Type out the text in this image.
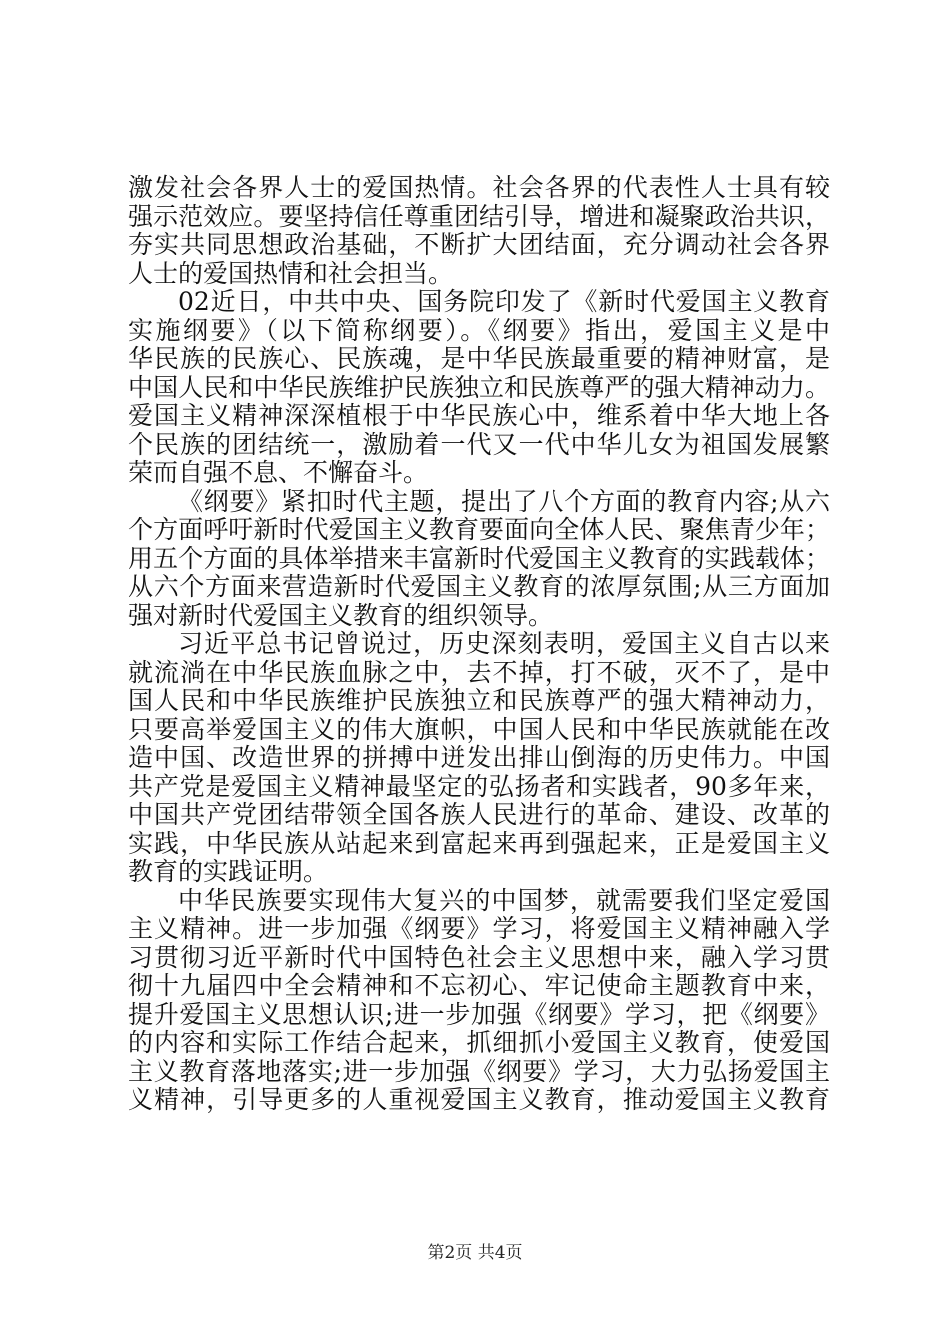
激发社会各界人士的爱国热情。社会各界的代表性人士具有较
强示范效应。要坚持信任尊重团结引导，增进和凝聚政治共识，
夯实共同思想政治基础，不断扩大团结面，充分调动社会各界
人士的爱国热情和社会担当。
02近日，中共中央、国务院印发了《新时代爱国主义教育
实施纲要》（以下简称纲要）。《纲要》指出，爱国主义是中
华民族的民族心、民族魂，是中华民族最重要的精神财富，是
中国人民和中华民族维护民族独立和民族尊严的强大精神动力。
爱国主义精神深深植根于中华民族心中，维系着中华大地上各
个民族的团结统一，激励着一代又一代中华儿女为祖国发展繁
荣而自强不息、不懈奋斗。
《纲要》紧扣时代主题，提出了八个方面的教育内容;从六
个方面呼吁新时代爱国主义教育要面向全体人民、聚焦青少年；
用五个方面的具体举措来丰富新时代爱国主义教育的实践载体；
从六个方面来营造新时代爱国主义教育的浓厚氛围;从三方面加
强对新时代爱国主义教育的组织领导。
习近平总书记曾说过，历史深刻表明，爱国主义自古以来
就流淌在中华民族血脉之中，去不掉，打不破，灭不了，是中
国人民和中华民族维护民族独立和民族尊严的强大精神动力，
只要高举爱国主义的伟大旗帜，中国人民和中华民族就能在改
造中国、改造世界的拼搏中迸发出排山倒海的历史伟力。中国
共产党是爱国主义精神最坚定的弘扬者和实践者，90多年来，
中国共产党团结带领全国各族人民进行的革命、建设、改革的
实践，中华民族从站起来到富起来再到强起来，正是爱国主义
教育的实践证明。
中华民族要实现伟大复兴的中国梦，就需要我们坚定爱国
主义精神。进一步加强《纲要》学习，将爱国主义精神融入学
习贯彻习近平新时代中国特色社会主义思想中来，融入学习贯
彻十九届四中全会精神和不忘初心、牢记使命主题教育中来，
提升爱国主义思想认识;进一步加强《纲要》学习，把《纲要》
的内容和实际工作结合起来，抓细抓小爱国主义教育，使爱国
主义教育落地落实;进一步加强《纲要》学习，大力弘扬爱国主
义精神，引导更多的人重视爱国主义教育，推动爱国主义教育
第2页 共4页
